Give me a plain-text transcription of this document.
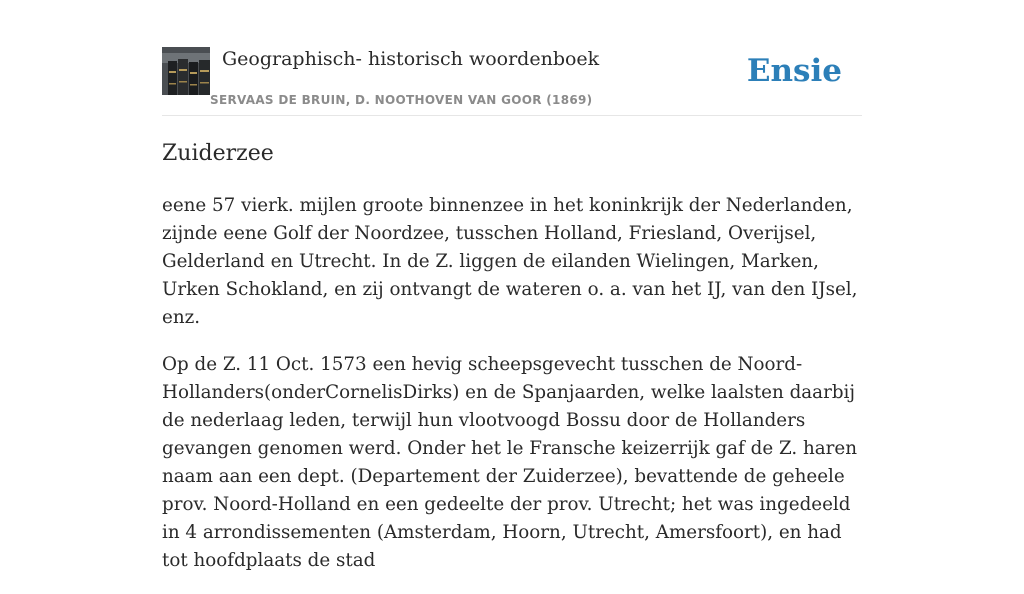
Geographisch- historisch woordenboek
SERVAAS DE BRUIN, D. NOOTHOVEN VAN GOOR (1869)
Ensie
Zuiderzee

eene 57 vierk. mijlen groote binnenzee in het koninkrijk der Nederlanden, zijnde eene Golf der Noordzee, tusschen Holland, Friesland, Overijsel, Gelderland en Utrecht. In de Z. liggen de eilanden Wielingen, Marken, Urken Schokland, en zij ontvangt de wateren o. a. van het IJ, van den IJsel, enz.

Op de Z. 11 Oct. 1573 een hevig scheepsgevecht tusschen de Noord-Hollanders(onderCornelisDirks) en de Spanjaarden, welke laalsten daarbij de nederlaag leden, terwijl hun vlootvoogd Bossu door de Hollanders gevangen genomen werd. Onder het le Fransche keizerrijk gaf de Z. haren naam aan een dept. (Departement der Zuiderzee), bevattende de geheele prov. Noord-Holland en een gedeelte der prov. Utrecht; het was ingedeeld in 4 arrondissementen (Amsterdam, Hoorn, Utrecht, Amersfoort), en had tot hoofdplaats de stad
